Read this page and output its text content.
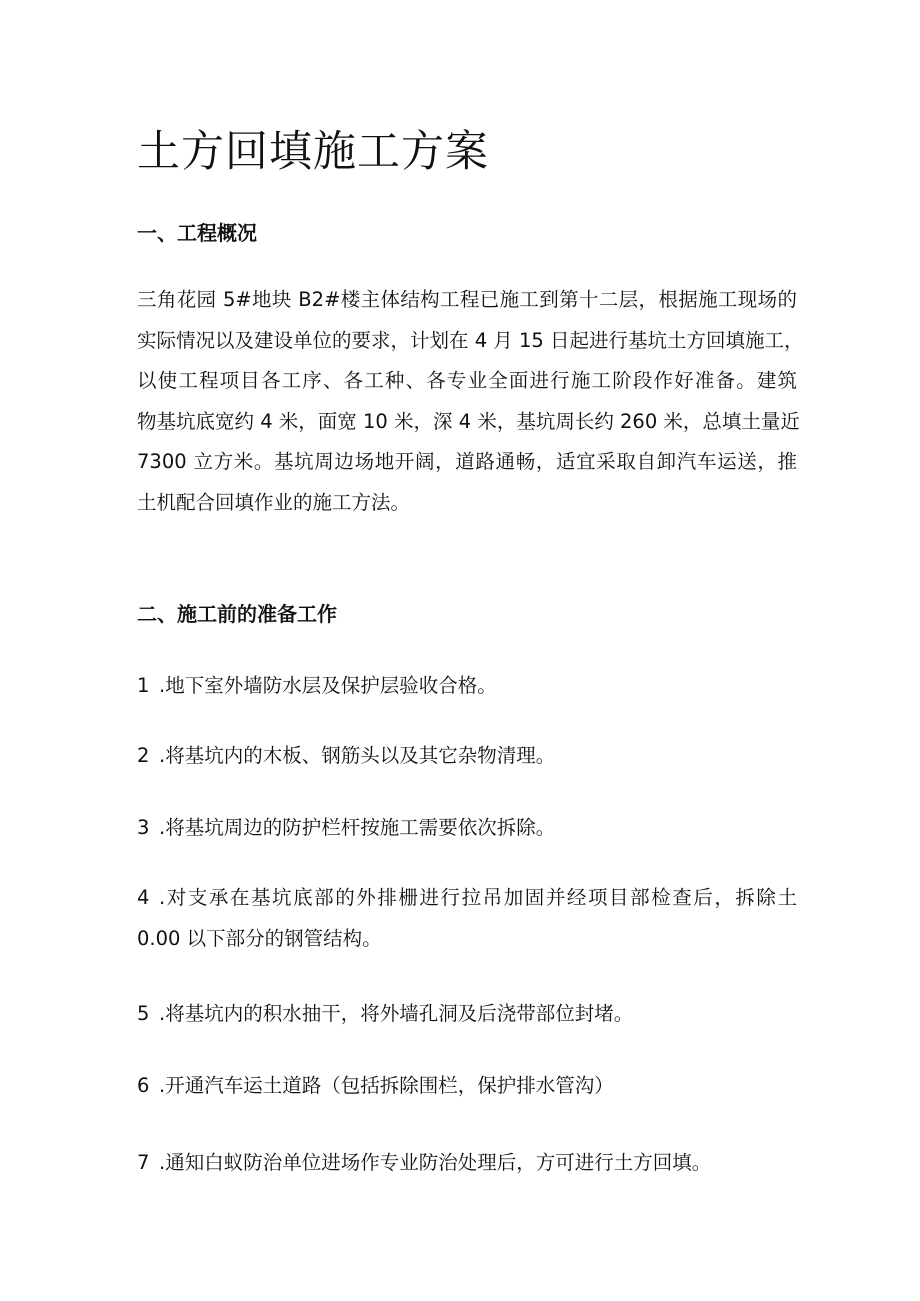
土方回填施工方案
一、工程概况
三角花园 5#地块 B2#楼主体结构工程已施工到第十二层，根据施工现场的
实际情况以及建设单位的要求，计划在 4 月 15 日起进行基坑土方回填施工，
以使工程项目各工序、各工种、各专业全面进行施工阶段作好准备。建筑
物基坑底宽约 4 米，面宽 10 米，深 4 米，基坑周长约 260 米，总填土量近
7300 立方米。基坑周边场地开阔，道路通畅，适宜采取自卸汽车运送，推
土机配合回填作业的施工方法。
二、施工前的准备工作
1 .地下室外墙防水层及保护层验收合格。
2 .将基坑内的木板、钢筋头以及其它杂物清理。
3 .将基坑周边的防护栏杆按施工需要依次拆除。
4 .对支承在基坑底部的外排栅进行拉吊加固并经项目部检查后，拆除土
0.00 以下部分的钢管结构。
5 .将基坑内的积水抽干，将外墙孔洞及后浇带部位封堵。
6 .开通汽车运土道路（包括拆除围栏，保护排水管沟）
7 .通知白蚁防治单位进场作专业防治处理后，方可进行土方回填。
